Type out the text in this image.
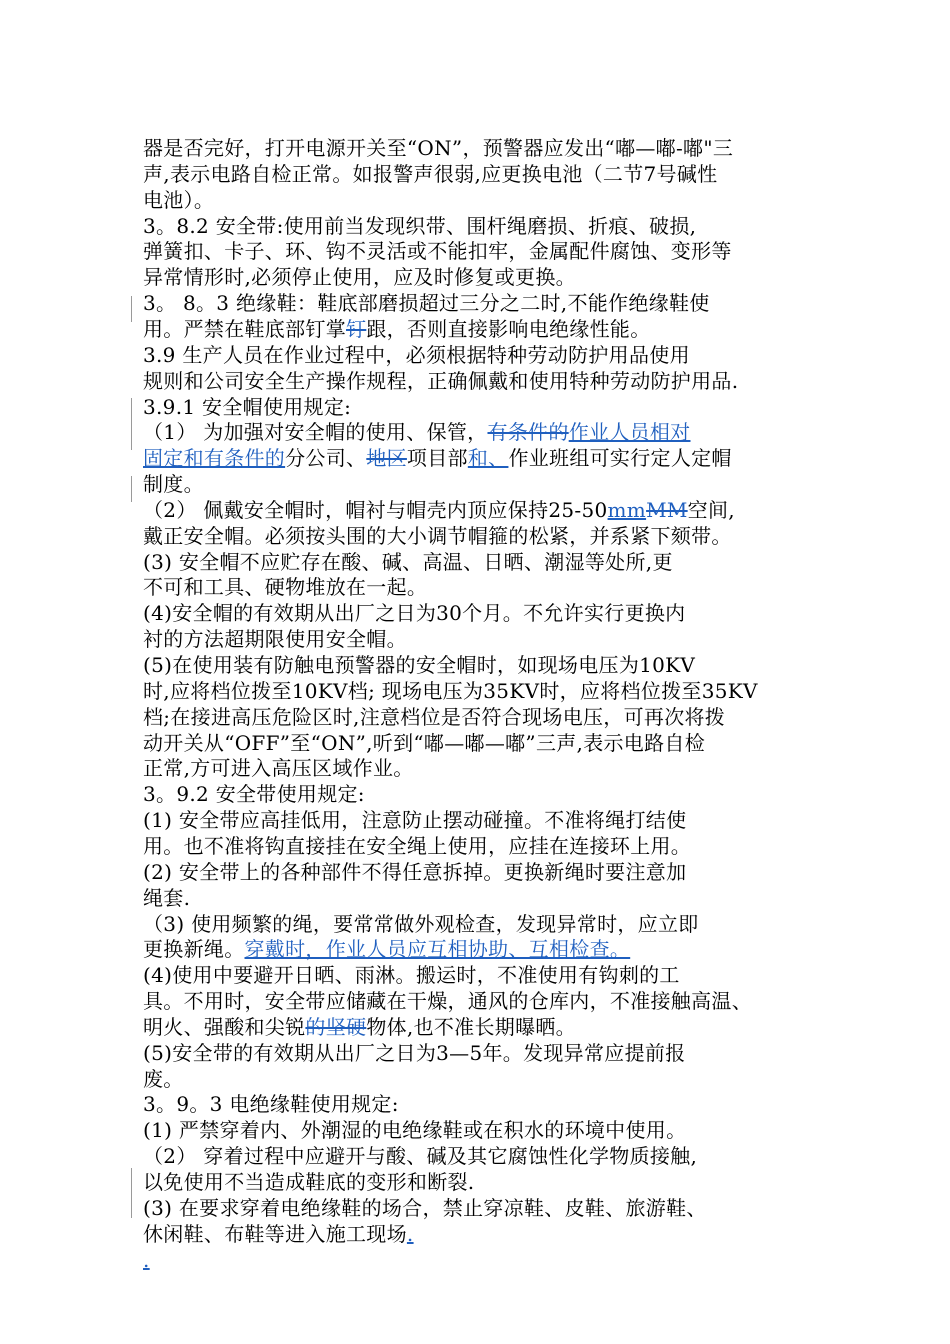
器是否完好，打开电源开关至“ON”，预警器应发出“嘟—嘟-嘟"三
声,表示电路自检正常。如报警声很弱,应更换电池（二节7号碱性
电池）。
3。8.2 安全带:使用前当发现织带、围杆绳磨损、折痕、破损,
弹簧扣、卡子、环、钩不灵活或不能扣牢，金属配件腐蚀、变形等
异常情形时,必须停止使用，应及时修复或更换。
3。 8。3 绝缘鞋：鞋底部磨损超过三分之二时,不能作绝缘鞋使
用。严禁在鞋底部钉掌钉跟，否则直接影响电绝缘性能。
3.9 生产人员在作业过程中，必须根据特种劳动防护用品使用
规则和公司安全生产操作规程，正确佩戴和使用特种劳动防护用品.
3.9.1 安全帽使用规定:
（1） 为加强对安全帽的使用、保管，有条件的作业人员相对
固定和有条件的分公司、地区项目部和、作业班组可实行定人定帽
制度。
（2） 佩戴安全帽时，帽衬与帽壳内顶应保持25-50mmMM空间,
戴正安全帽。必须按头围的大小调节帽箍的松紧，并系紧下颏带。
(3) 安全帽不应贮存在酸、碱、高温、日晒、潮湿等处所,更
不可和工具、硬物堆放在一起。
(4)安全帽的有效期从出厂之日为30个月。不允许实行更换内
衬的方法超期限使用安全帽。
(5)在使用装有防触电预警器的安全帽时，如现场电压为10KV
时,应将档位拨至10KV档; 现场电压为35KV时，应将档位拨至35KV
档;在接进高压危险区时,注意档位是否符合现场电压，可再次将拨
动开关从“OFF”至“ON”,听到“嘟—嘟—嘟”三声,表示电路自检
正常,方可进入高压区域作业。
3。9.2 安全带使用规定:
(1) 安全带应高挂低用，注意防止摆动碰撞。不准将绳打结使
用。也不准将钩直接挂在安全绳上使用，应挂在连接环上用。
(2) 安全带上的各种部件不得任意拆掉。更换新绳时要注意加
绳套.
（3) 使用频繁的绳，要常常做外观检查，发现异常时，应立即
更换新绳。穿戴时，作业人员应互相协助、互相检查。
(4)使用中要避开日晒、雨淋。搬运时，不准使用有钩刺的工
具。不用时，安全带应储藏在干燥，通风的仓库内，不准接触高温、
明火、强酸和尖锐的坚硬物体,也不准长期曝晒。
(5)安全带的有效期从出厂之日为3—5年。发现异常应提前报
废。
3。9。3 电绝缘鞋使用规定:
(1) 严禁穿着内、外潮湿的电绝缘鞋或在积水的环境中使用。
（2） 穿着过程中应避开与酸、碱及其它腐蚀性化学物质接触,
以免使用不当造成鞋底的变形和断裂.
(3) 在要求穿着电绝缘鞋的场合，禁止穿凉鞋、皮鞋、旅游鞋、
休闲鞋、布鞋等进入施工现场.
.
